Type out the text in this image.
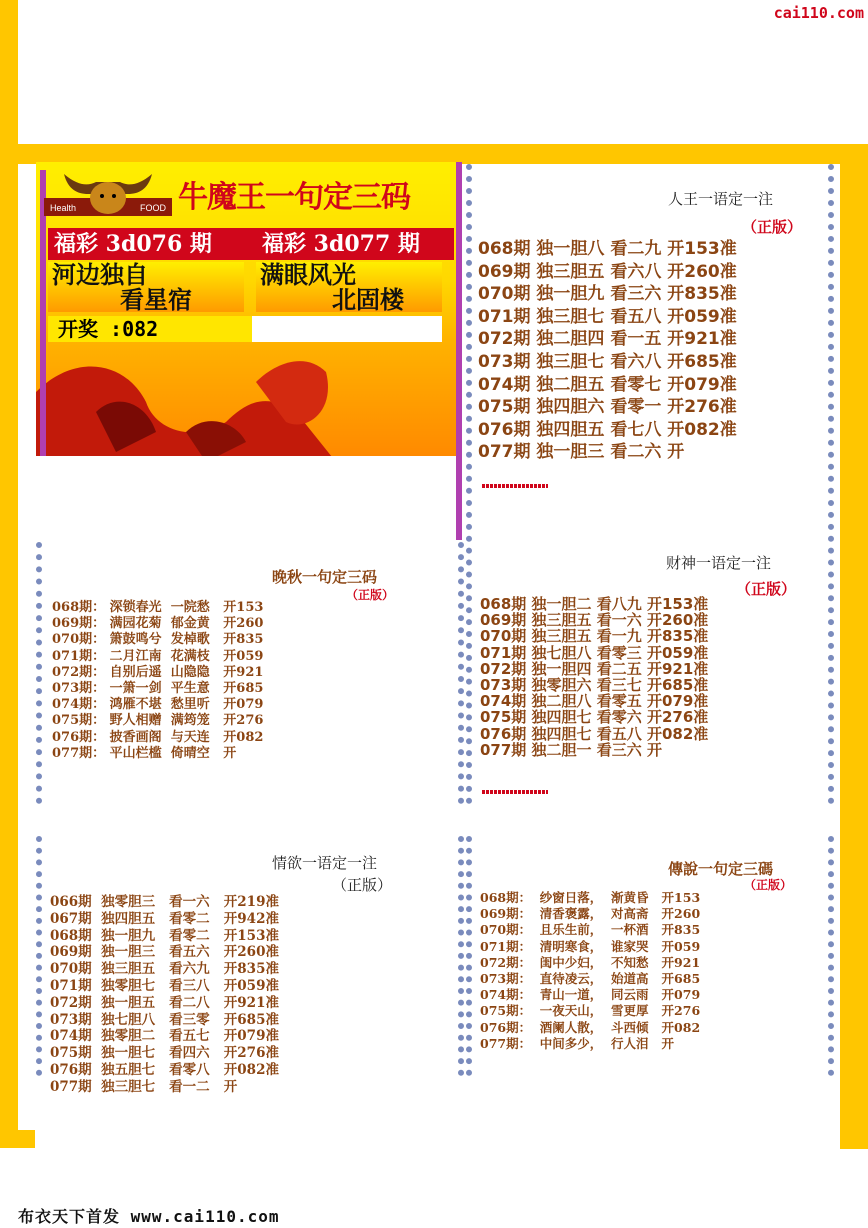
cai110.com
Health	FOOD 牛魔王一句定三码
福彩 3d076 期	福彩 3d077 期
河边独自
看星宿
满眼风光
北固楼
开奖 :082
人王一语定一注
（正版）
068期 独一胆八 看二九 开153准
069期 独三胆五 看六八 开260准
070期 独一胆九 看三六 开835准
071期 独三胆七 看五八 开059准
072期 独二胆四 看一五 开921准
073期 独三胆七 看六八 开685准
074期 独二胆五 看零七 开079准
075期 独四胆六 看零一 开276准
076期 独四胆五 看七八 开082准
077期 独一胆三 看二六 开
晚秋一句定三码
（正版）
068期： 深锁春光  一院愁   开153
069期： 满园花菊  郁金黄   开260
070期： 箫鼓鸣兮  发棹歌   开835
071期： 二月江南  花满枝   开059
072期： 自别后遥  山隐隐   开921
073期： 一箫一剑  平生意   开685
074期： 鸿雁不堪  愁里听   开079
075期： 野人相赠  满筠笼   开276
076期： 披香画阁  与天连   开082
077期： 平山栏槛  倚晴空   开
财神一语定一注
（正版）
068期 独一胆二 看八九 开153准
069期 独三胆五 看一六 开260准
070期 独三胆五 看一九 开835准
071期 独七胆八 看零三 开059准
072期 独一胆四 看二五 开921准
073期 独零胆六 看三七 开685准
074期 独二胆八 看零五 开079准
075期 独四胆七 看零六 开276准
076期 独四胆七 看五八 开082准
077期 独二胆一 看三六 开
情欲一语定一注
（正版）
066期  独零胆三   看一六   开219准
067期  独四胆五   看零二   开942准
068期  独一胆九   看零二   开153准
069期  独一胆三   看五六   开260准
070期  独三胆五   看六九   开835准
071期  独零胆七   看三八   开059准
072期  独一胆五   看二八   开921准
073期  独七胆八   看三零   开685准
074期  独零胆二   看五七   开079准
075期  独一胆七   看四六   开276准
076期  独五胆七   看零八   开082准
077期  独三胆七   看一二   开
傳說一句定三碼
（正版）
068期：  纱窗日落，  渐黄昏   开153
069期：  清香褒露，  对高斋   开260
070期：  且乐生前，  一杯酒   开835
071期：  清明寒食，  谁家哭   开059
072期：  闺中少妇，  不知愁   开921
073期：  直待凌云，  始道高   开685
074期：  青山一道，  同云雨   开079
075期：  一夜天山，  雪更厚   开276
076期：  酒阑人散，  斗西倾   开082
077期：  中间多少，  行人泪   开
布衣天下首发 www.cai110.com
